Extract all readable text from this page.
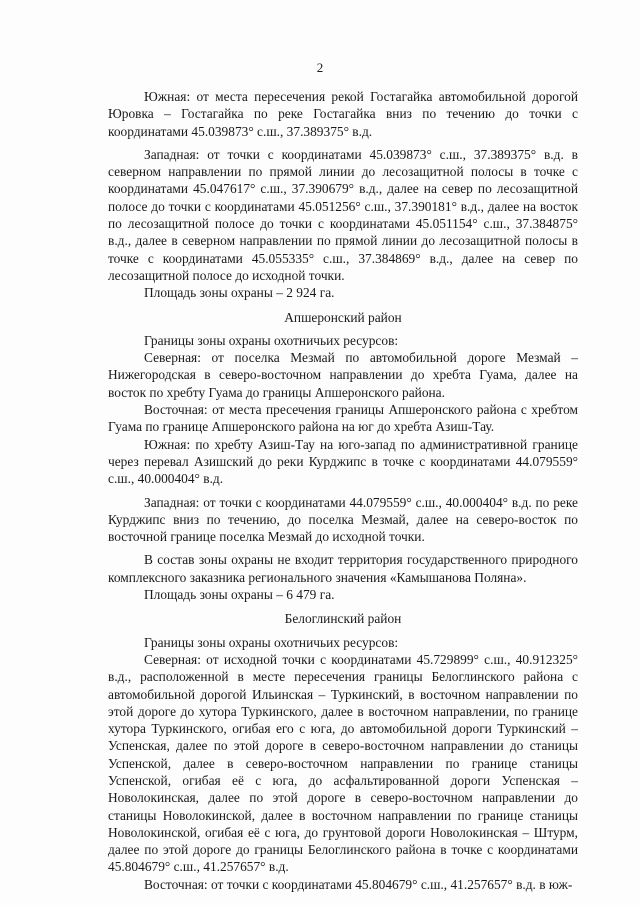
2

Южная: от места пересечения рекой Гостагайка автомобильной дорогой Юровка – Гостагайка по реке Гостагайка вниз по течению до точки с координатами 45.039873° с.ш., 37.389375° в.д.

Западная: от точки с координатами 45.039873° с.ш., 37.389375° в.д. в северном направлении по прямой линии до лесозащитной полосы в точке с координатами 45.047617° с.ш., 37.390679° в.д., далее на север по лесозащитной полосе до точки с координатами 45.051256° с.ш., 37.390181° в.д., далее на восток по лесозащитной полосе до точки с координатами 45.051154° с.ш., 37.384875° в.д., далее в северном направлении по прямой линии до лесозащитной полосы в точке с координатами 45.055335° с.ш., 37.384869° в.д., далее на север по лесозащитной полосе до исходной точки.

Площадь зоны охраны – 2 924 га.

Апшеронский район

Границы зоны охраны охотничьих ресурсов:

Северная: от поселка Мезмай по автомобильной дороге Мезмай – Нижегородская в северо-восточном направлении до хребта Гуама, далее на восток по хребту Гуама до границы Апшеронского района.

Восточная: от места пресечения границы Апшеронского района с хребтом Гуама по границе Апшеронского района на юг до хребта Азиш-Тау.

Южная: по хребту Азиш-Тау на юго-запад по административной границе через перевал Азишский до реки Курджипс в точке с координатами 44.079559° с.ш., 40.000404° в.д.

Западная: от точки с координатами 44.079559° с.ш., 40.000404° в.д. по реке Курджипс вниз по течению, до поселка Мезмай, далее на северо-восток по восточной границе поселка Мезмай до исходной точки.

В состав зоны охраны не входит территория государственного природного комплексного заказника регионального значения «Камышанова Поляна».

Площадь зоны охраны – 6 479 га.

Белоглинский район

Границы зоны охраны охотничьих ресурсов:

Северная: от исходной точки с координатами 45.729899° с.ш., 40.912325° в.д., расположенной в месте пересечения границы Белоглинского района с автомобильной дорогой Ильинская – Туркинский, в восточном направлении по этой дороге до хутора Туркинского, далее в восточном направлении, по границе хутора Туркинского, огибая его с юга, до автомобильной дороги Туркинский – Успенская, далее по этой дороге в северо-восточном направлении до станицы Успенской, далее в северо-восточном направлении по границе станицы Успенской, огибая её с юга, до асфальтированной дороги Успенская – Новолокинская, далее по этой дороге в северо-восточном направлении до станицы Новолокинской, далее в восточном направлении по границе станицы Новолокинской, огибая её с юга, до грунтовой дороги Новолокинская – Штурм, далее по этой дороге до границы Белоглинского района в точке с координатами 45.804679° с.ш., 41.257657° в.д.

Восточная: от точки с координатами 45.804679° с.ш., 41.257657° в.д. в юж-
